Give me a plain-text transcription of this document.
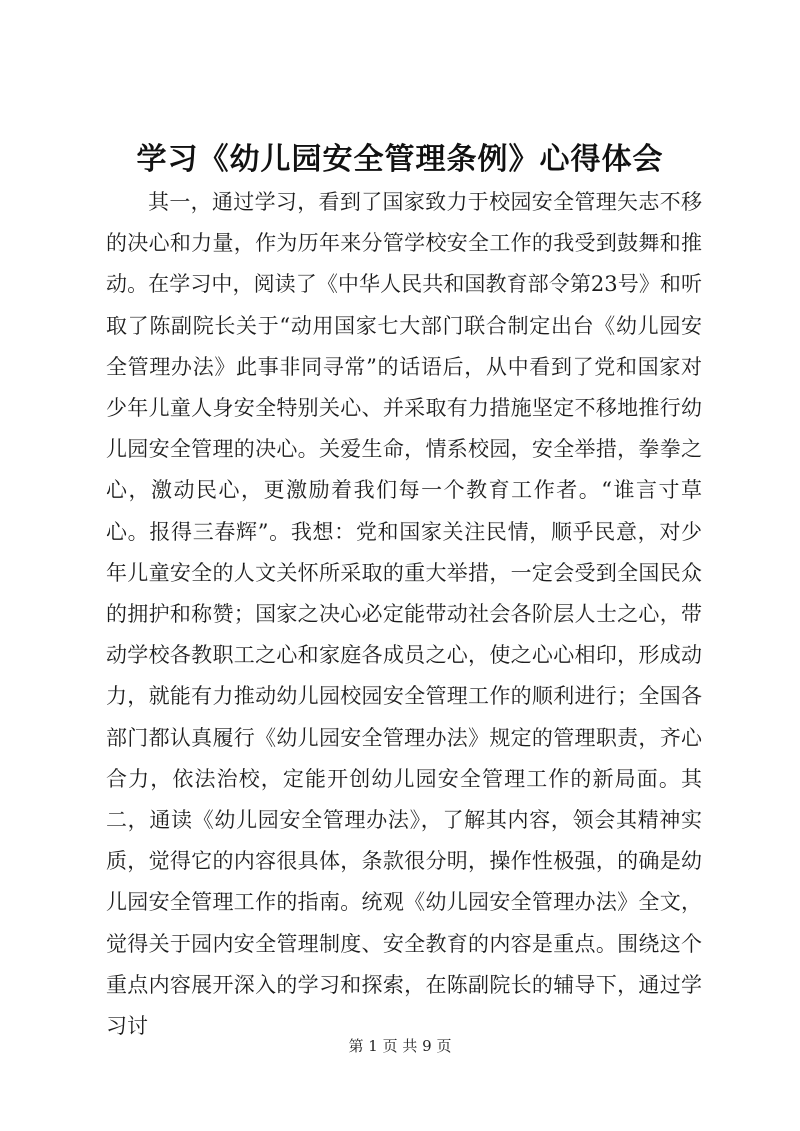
学习《幼儿园安全管理条例》心得体会

其一，通过学习，看到了国家致力于校园安全管理矢志不移的决心和力量，作为历年来分管学校安全工作的我受到鼓舞和推动。在学习中，阅读了《中华人民共和国教育部令第23号》和听取了陈副院长关于“动用国家七大部门联合制定出台《幼儿园安全管理办法》此事非同寻常”的话语后，从中看到了党和国家对少年儿童人身安全特别关心、并采取有力措施坚定不移地推行幼儿园安全管理的决心。关爱生命，情系校园，安全举措，拳拳之心，激动民心，更激励着我们每一个教育工作者。“谁言寸草心。报得三春辉”。我想：党和国家关注民情，顺乎民意，对少年儿童安全的人文关怀所采取的重大举措，一定会受到全国民众的拥护和称赞；国家之决心必定能带动社会各阶层人士之心，带动学校各教职工之心和家庭各成员之心，使之心心相印，形成动力，就能有力推动幼儿园校园安全管理工作的顺利进行；全国各部门都认真履行《幼儿园安全管理办法》规定的管理职责，齐心合力，依法治校，定能开创幼儿园安全管理工作的新局面。其二，通读《幼儿园安全管理办法》，了解其内容，领会其精神实质，觉得它的内容很具体，条款很分明，操作性极强，的确是幼儿园安全管理工作的指南。统观《幼儿园安全管理办法》全文，觉得关于园内安全管理制度、安全教育的内容是重点。围绕这个重点内容展开深入的学习和探索，在陈副院长的辅导下，通过学习讨

第 1 页 共 9 页
